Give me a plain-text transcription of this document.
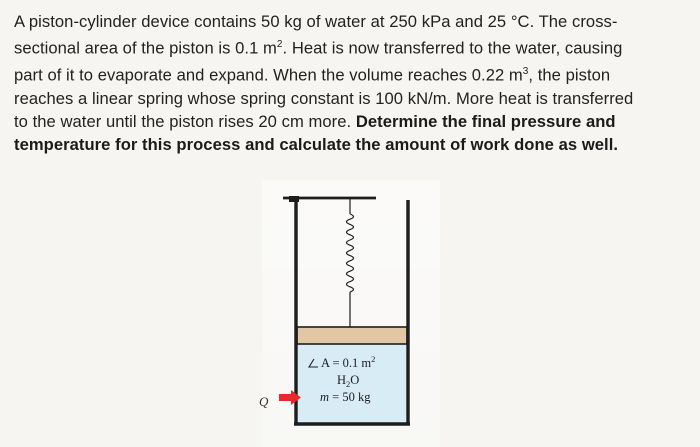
A piston-cylinder device contains 50 kg of water at 250 kPa and 25 °C. The cross-
sectional area of the piston is 0.1 $m^2$. Heat is now transferred to the water, causing
part of it to evaporate and expand. When the volume reaches 0.22 $m^3$, the piston
reaches a linear spring whose spring constant is 100 kN/m. More heat is transferred
to the water until the piston rises 20 cm more. Determine the final pressure and
temperature for this process and calculate the amount of work done as well.

Q
A = 0.1 $m^2$
$H_2O$
m = 50 kg
